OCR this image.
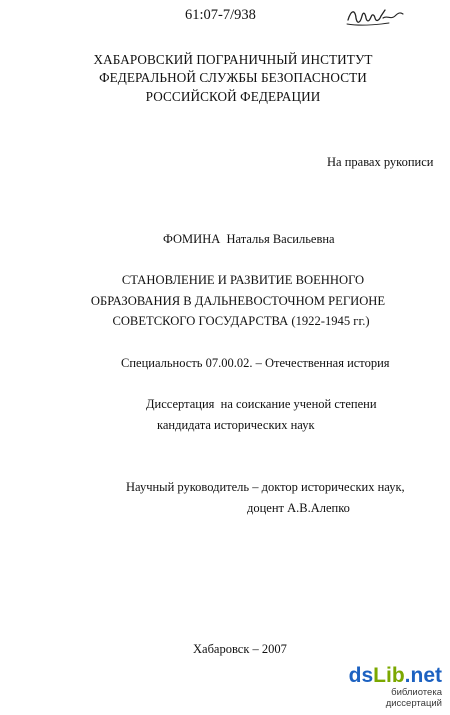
61:07-7/938
ХАБАРОВСКИЙ ПОГРАНИЧНЫЙ ИНСТИТУТ
ФЕДЕРАЛЬНОЙ СЛУЖБЫ БЕЗОПАСНОСТИ
РОССИЙСКОЙ ФЕДЕРАЦИИ
На правах рукописи
ФОМИНА  Наталья Васильевна
СТАНОВЛЕНИЕ И РАЗВИТИЕ ВОЕННОГО
ОБРАЗОВАНИЯ В ДАЛЬНЕВОСТОЧНОМ РЕГИОНЕ
СОВЕТСКОГО ГОСУДАРСТВА (1922-1945 гг.)
Специальность 07.00.02. – Отечественная история
Диссертация  на соискание ученой степени
кандидата исторических наук
Научный руководитель – доктор исторических наук,
доцент А.В.Алепко
Хабаровск – 2007
dsLib.net
библиотека диссертаций
